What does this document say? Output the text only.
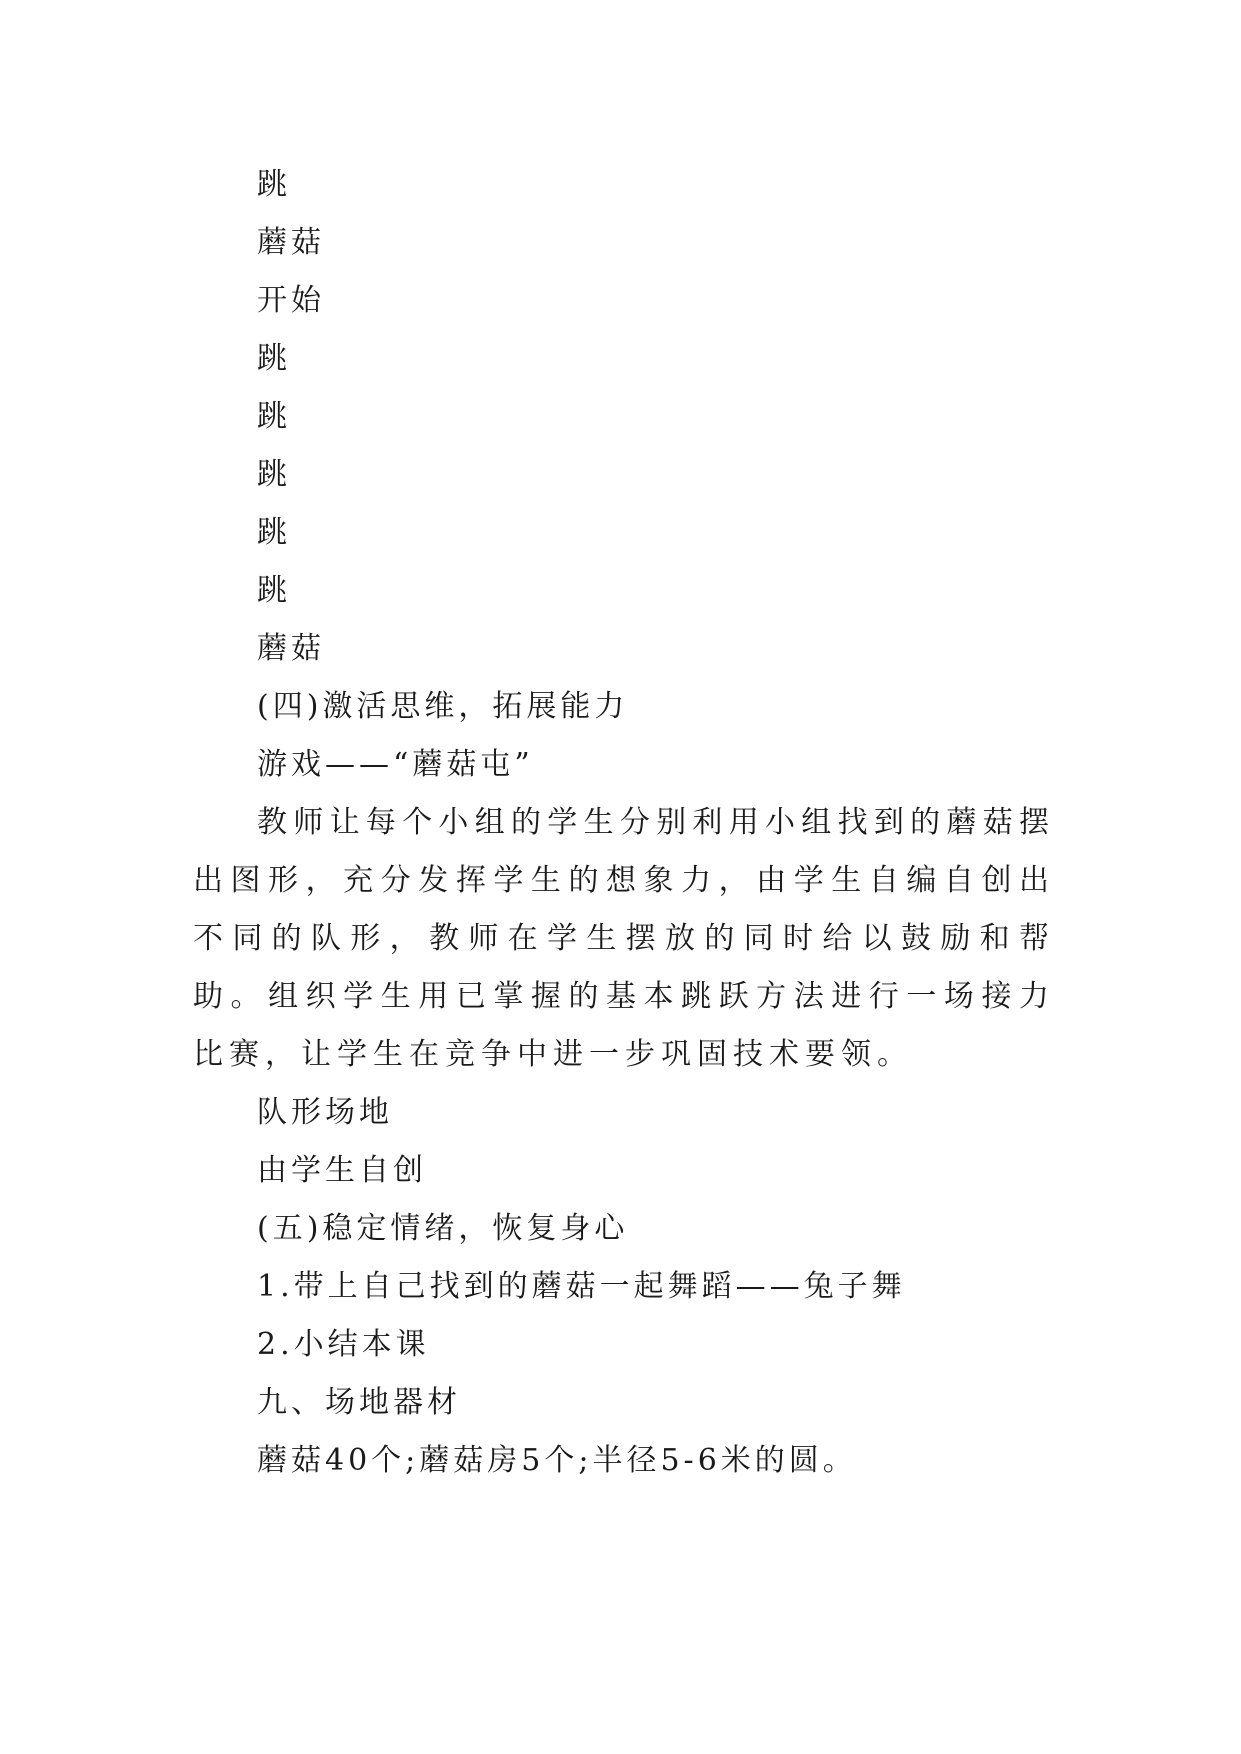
跳
蘑菇
开始
跳
跳
跳
跳
跳
蘑菇
(四)激活思维，拓展能力
游戏——“蘑菇屯”

教师让每个小组的学生分别利用小组找到的蘑菇摆出图形，充分发挥学生的想象力，由学生自编自创出不同的队形，教师在学生摆放的同时给以鼓励和帮助。组织学生用已掌握的基本跳跃方法进行一场接力比赛，让学生在竞争中进一步巩固技术要领。

队形场地
由学生自创
(五)稳定情绪，恢复身心
1.带上自己找到的蘑菇一起舞蹈——兔子舞
2.小结本课
九、场地器材
蘑菇40个;蘑菇房5个;半径5-6米的圆。
